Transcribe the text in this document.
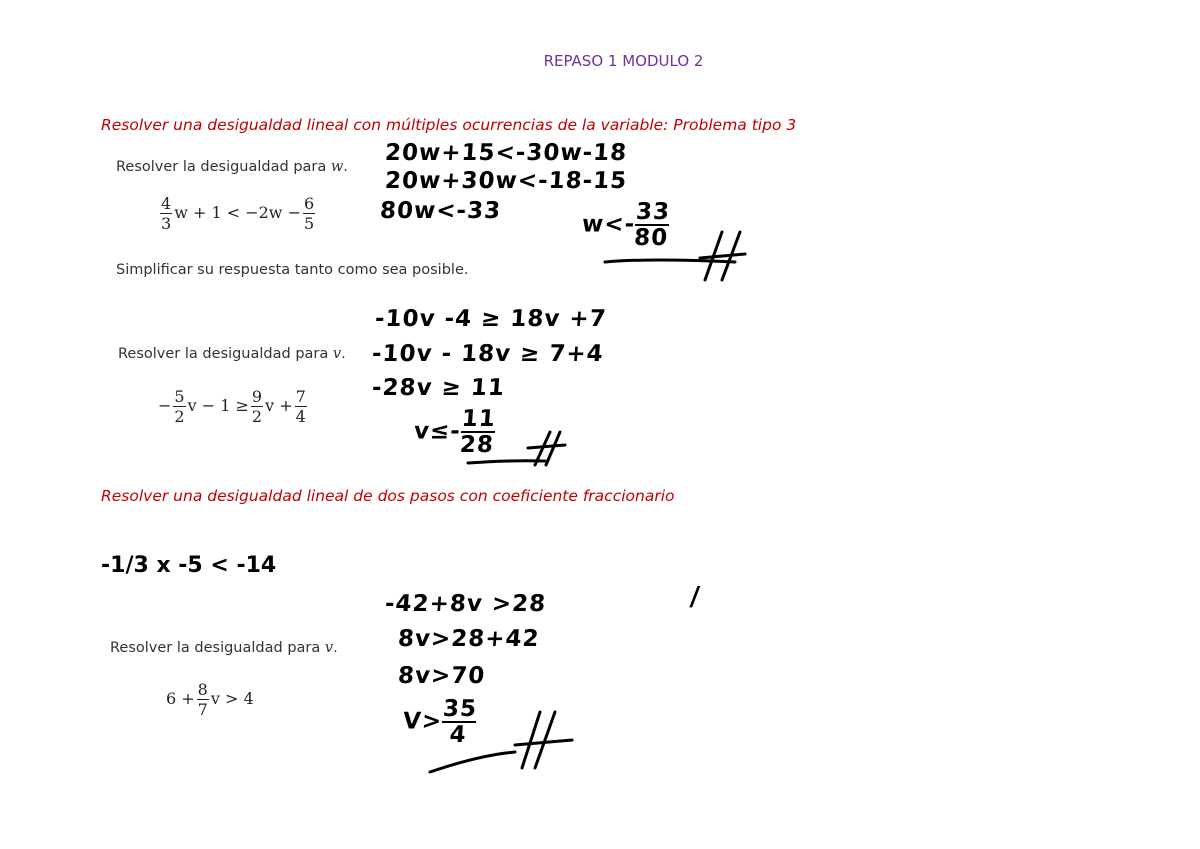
REPASO 1 MODULO 2
Resolver una desigualdad lineal con múltiples ocurrencias de la variable: Problema tipo 3
Resolver la desigualdad para w.
$\frac{4}{3}$ $w + 1 < -2w - \frac{6}{5}$
Simplificar su respuesta tanto como sea posible.
20w+15<-30w-18
20w+30w<-18-15
80w<-33
w<-
$\frac{33}{80}$
Resolver la desigualdad para v.
− $\frac{5}{2}$ $v - 1 \ge \frac{9}{2}$ $v + \frac{7}{4}$
-10v -4 ≥ 18v +7
-10v - 18v ≥ 7+4
-28v ≥ 11
v≤-
$\frac{11}{28}$
Resolver una desigualdad lineal de dos pasos con coeficiente fraccionario
-1/3 x -5 < -14
Resolver la desigualdad para v.
$6 + \frac{8}{7}$ v > 4
-42+8v >28
8v>28+42
8v>70
V>
$\frac{35}{4}$
/
